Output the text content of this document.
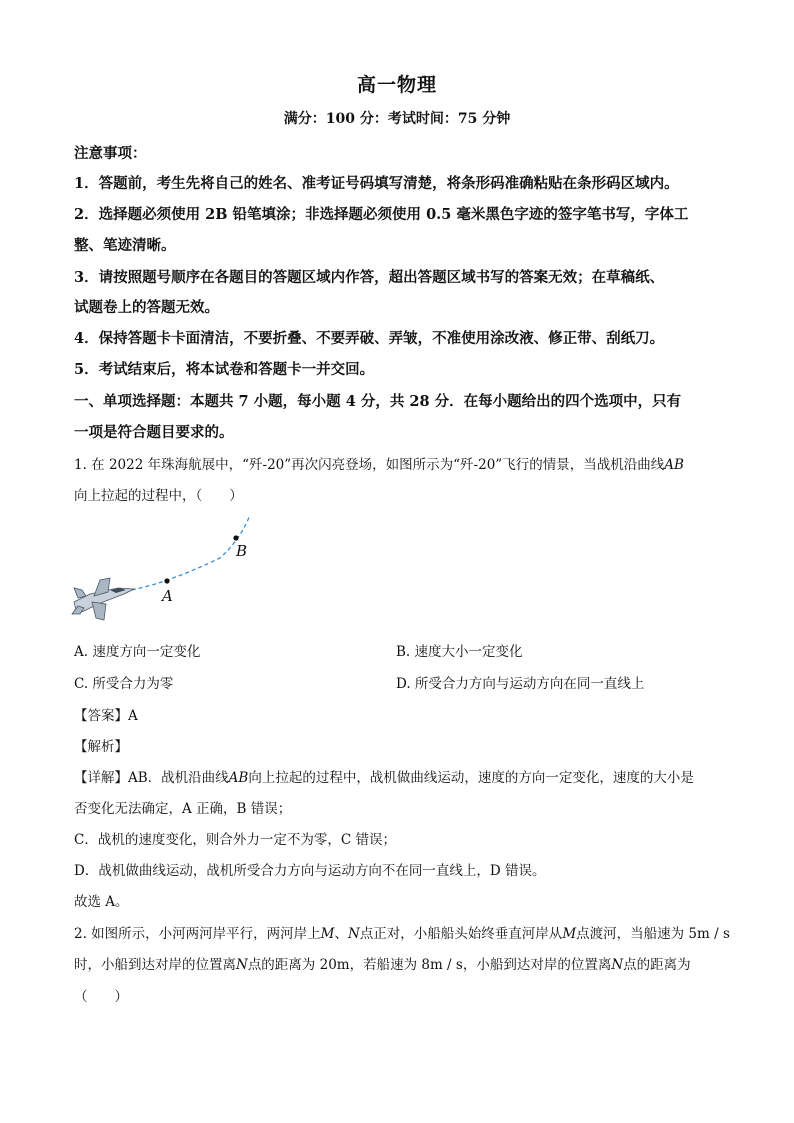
高一物理
满分：100 分：考试时间：75 分钟
注意事项：
1．答题前，考生先将自己的姓名、准考证号码填写清楚，将条形码准确粘贴在条形码区域内。
2．选择题必须使用 2B 铅笔填涂；非选择题必须使用 0.5 毫米黑色字迹的签字笔书写，字体工
整、笔迹清晰。
3．请按照题号顺序在各题目的答题区域内作答，超出答题区域书写的答案无效；在草稿纸、
试题卷上的答题无效。
4．保持答题卡卡面清洁，不要折叠、不要弄破、弄皱，不准使用涂改液、修正带、刮纸刀。
5．考试结束后，将本试卷和答题卡一并交回。
一、单项选择题：本题共 7 小题，每小题 4 分，共 28 分．在每小题给出的四个选项中，只有
一项是符合题目要求的。
1. 在 2022 年珠海航展中，“歼-20”再次闪亮登场，如图所示为“歼-20”飞行的情景，当战机沿曲线AB
向上拉起的过程中，（　　）
A
B
A. 速度方向一定变化	B. 速度大小一定变化
C. 所受合力为零	D. 所受合力方向与运动方向在同一直线上
【答案】A
【解析】
【详解】AB．战机沿曲线AB向上拉起的过程中，战机做曲线运动，速度的方向一定变化，速度的大小是
否变化无法确定，A 正确，B 错误；
C．战机的速度变化，则合外力一定不为零，C 错误；
D．战机做曲线运动，战机所受合力方向与运动方向不在同一直线上，D 错误。
故选 A。
2. 如图所示，小河两河岸平行，两河岸上M、N点正对，小船船头始终垂直河岸从M点渡河，当船速为 5m / s
时，小船到达对岸的位置离N点的距离为 20m，若船速为 8m / s，小船到达对岸的位置离N点的距离为
（　　）
